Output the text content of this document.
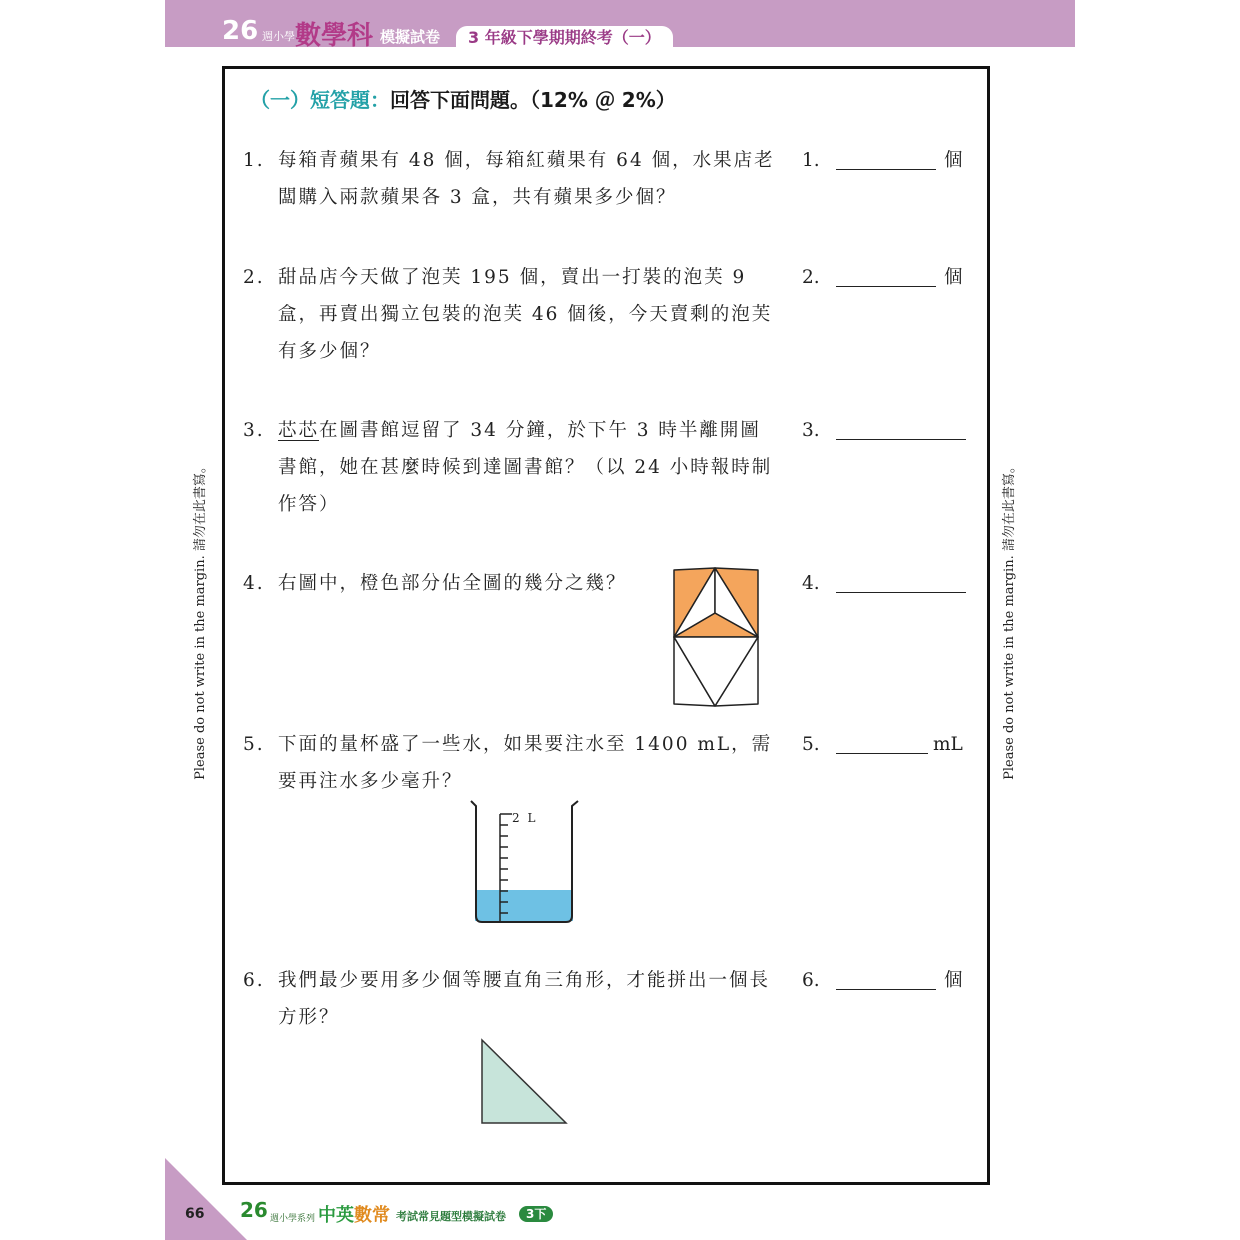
26 週小學 數學科 模擬試卷	3 年級下學期期終考（一）
（一）短答題：回答下面問題。（12% ＠ 2%）
1. 每箱青蘋果有 48 個，每箱紅蘋果有 64 個，水果店老闆購入兩款蘋果各 3 盒，共有蘋果多少個？
1.	個
2. 甜品店今天做了泡芙 195 個，賣出一打裝的泡芙 9 盒，再賣出獨立包裝的泡芙 46 個後，今天賣剩的泡芙有多少個？
2.	個
3. 芯芯在圖書館逗留了 34 分鐘，於下午 3 時半離開圖書館，她在甚麼時候到達圖書館？（以 24 小時報時制作答）
3.
4. 右圖中，橙色部分佔全圖的幾分之幾？	4.
5. 下面的量杯盛了一些水，如果要注水至 1400 mL，需要再注水多少毫升？
5.	mL
2 L
6. 我們最少要用多少個等腰直角三角形，才能拼出一個長方形？
6.	個
Please do not write in the margin. 請勿在此書寫。	Please do not write in the margin. 請勿在此書寫。
66 26 週小學系列 中英數常 考試常見題型模擬試卷	3下
